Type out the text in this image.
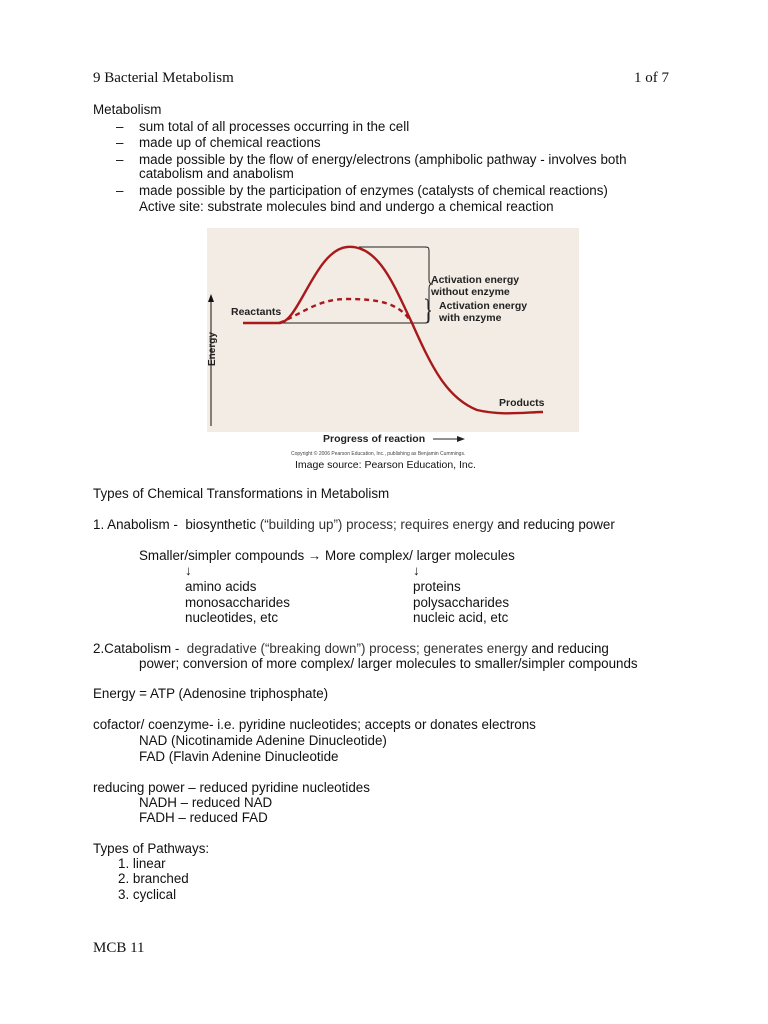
9 Bacterial Metabolism	1 of 7
Metabolism
– sum total of all processes occurring in the cell
– made up of chemical reactions
– made possible by the flow of energy/electrons (amphibolic pathway - involves both
catabolism and anabolism
– made possible by the participation of enzymes (catalysts of chemical reactions)
Active site: substrate molecules bind and undergo a chemical reaction
Reactants
Products
Activation energy
without enzyme
Activation energy
with enzyme
Energy
Progress of reaction
Copyright © 2006 Pearson Education, Inc., publishing as Benjamin Cummings.
Image source: Pearson Education, Inc.
Types of Chemical Transformations in Metabolism
1. Anabolism - biosynthetic (“building up”) process; requires energy and reducing power
Smaller/simpler compounds → More complex/ larger molecules
↓	↓
amino acids
monosaccharides
nucleotides, etc
proteins
polysaccharides
nucleic acid, etc
2.Catabolism - degradative (“breaking down”) process; generates energy and reducing
power; conversion of more complex/ larger molecules to smaller/simpler compounds
Energy = ATP (Adenosine triphosphate)
cofactor/ coenzyme- i.e. pyridine nucleotides; accepts or donates electrons
NAD (Nicotinamide Adenine Dinucleotide)
FAD (Flavin Adenine Dinucleotide
reducing power – reduced pyridine nucleotides
NADH – reduced NAD
FADH – reduced FAD
Types of Pathways:
1. linear
2. branched
3. cyclical
MCB 11
